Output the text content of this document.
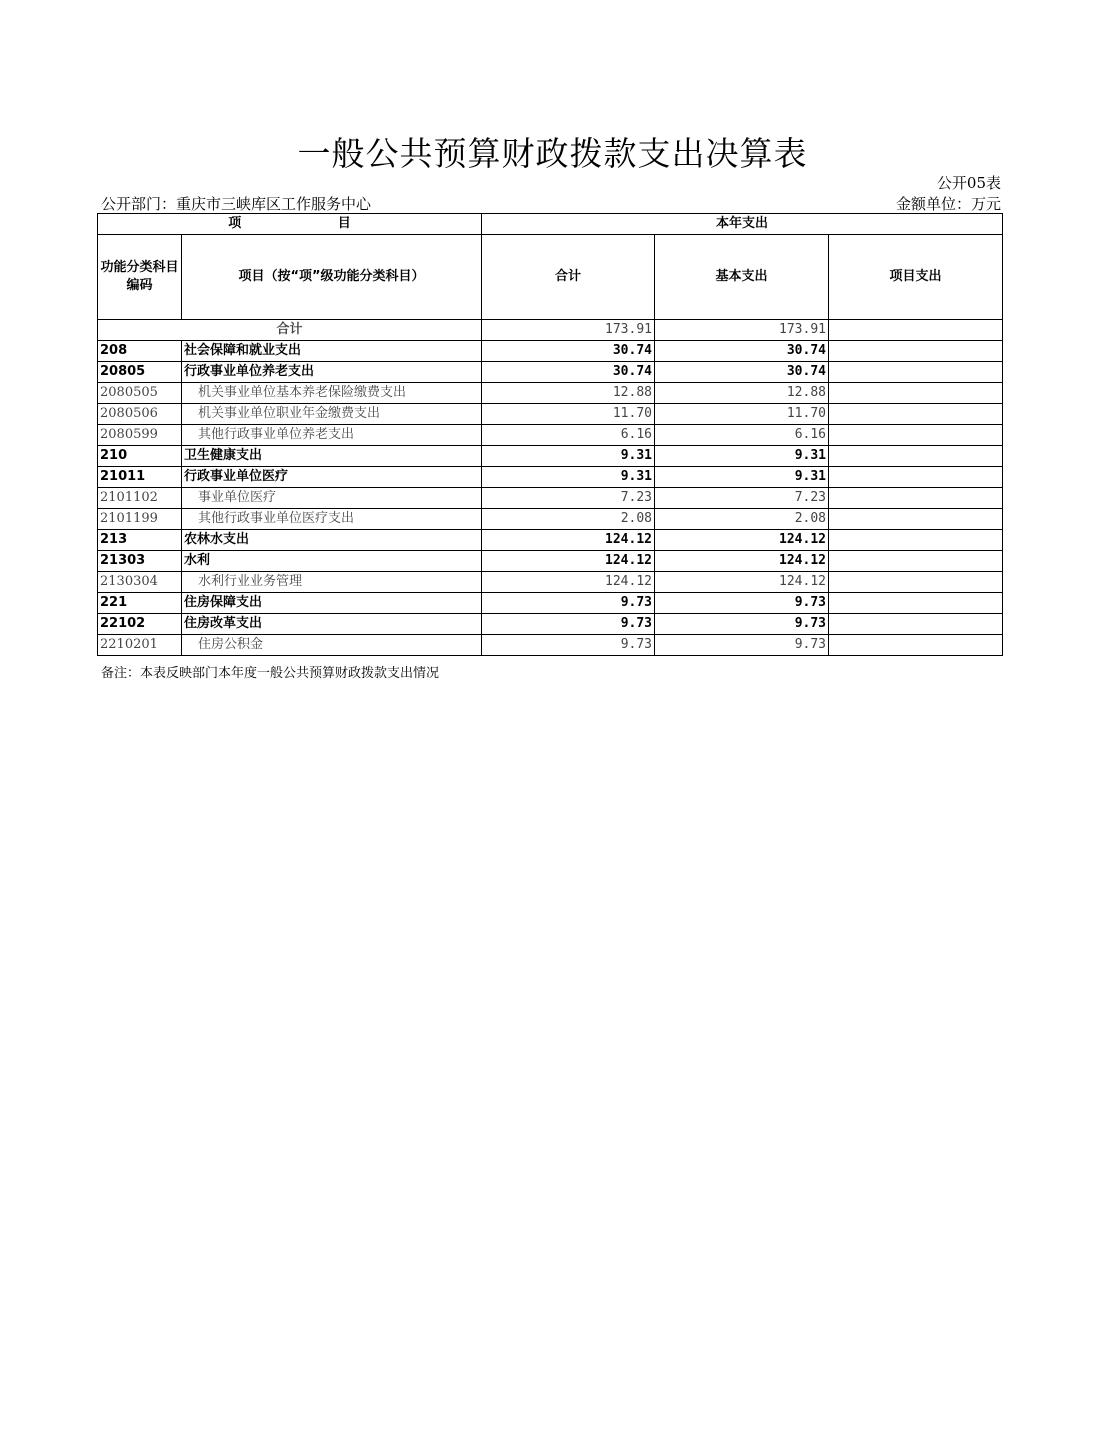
一般公共预算财政拨款支出决算表
公开05表
公开部门：重庆市三峡库区工作服务中心	金额单位：万元
项 目		本年支出		
功能分类科目编码	项目（按“项”级功能分类科目）	合计	基本支出	项目支出
合计		173.91	173.91	
208	社会保障和就业支出	30.74	30.74	
20805	行政事业单位养老支出	30.74	30.74	
2080505	机关事业单位基本养老保险缴费支出	12.88	12.88	
2080506	机关事业单位职业年金缴费支出	11.70	11.70	
2080599	其他行政事业单位养老支出	6.16	6.16	
210	卫生健康支出	9.31	9.31	
21011	行政事业单位医疗	9.31	9.31	
2101102	事业单位医疗	7.23	7.23	
2101199	其他行政事业单位医疗支出	2.08	2.08	
213	农林水支出	124.12	124.12	
21303	水利	124.12	124.12	
2130304	水利行业业务管理	124.12	124.12	
221	住房保障支出	9.73	9.73	
22102	住房改革支出	9.73	9.73	
2210201	住房公积金	9.73	9.73	
备注：本表反映部门本年度一般公共预算财政拨款支出情况
